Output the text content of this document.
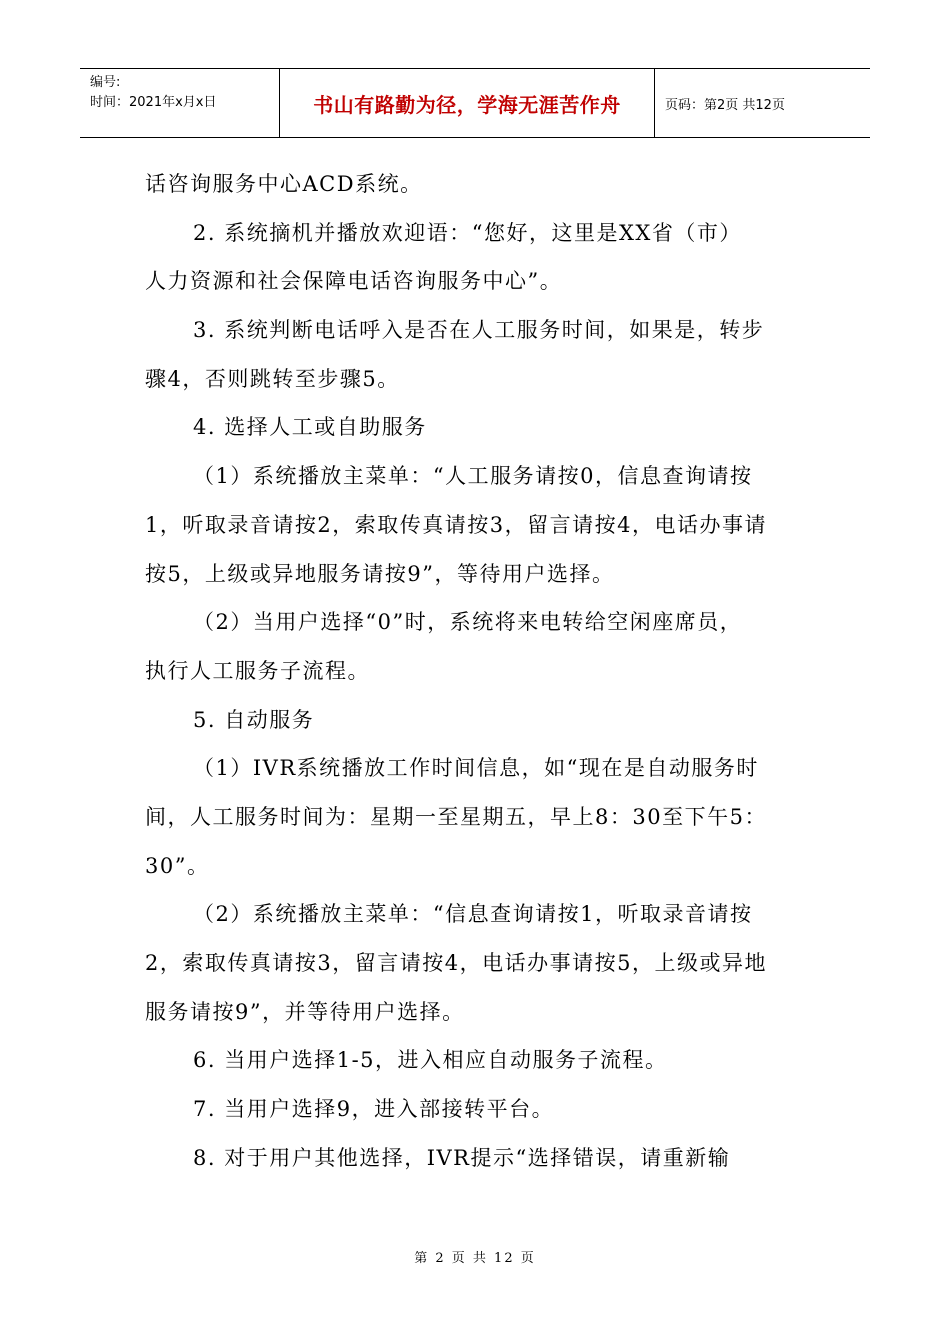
编号:
时间：2021年x月x日	书山有路勤为径，学海无涯苦作舟	页码：第2页 共12页
话咨询服务中心ACD系统。
2. 系统摘机并播放欢迎语：“您好，这里是XX省（市）
人力资源和社会保障电话咨询服务中心”。
3. 系统判断电话呼入是否在人工服务时间，如果是，转步
骤4，否则跳转至步骤5。
4. 选择人工或自助服务
（1）系统播放主菜单：“人工服务请按0，信息查询请按
1，听取录音请按2，索取传真请按3，留言请按4，电话办事请
按5，上级或异地服务请按9”，等待用户选择。
（2）当用户选择“0”时，系统将来电转给空闲座席员，
执行人工服务子流程。
5. 自动服务
（1）IVR系统播放工作时间信息，如“现在是自动服务时
间，人工服务时间为：星期一至星期五，早上8：30至下午5：
30”。
（2）系统播放主菜单：“信息查询请按1，听取录音请按
2，索取传真请按3，留言请按4，电话办事请按5，上级或异地
服务请按9”，并等待用户选择。
6. 当用户选择1-5，进入相应自动服务子流程。
7. 当用户选择9，进入部接转平台。
8. 对于用户其他选择，IVR提示“选择错误，请重新输
第 2 页 共 12 页
